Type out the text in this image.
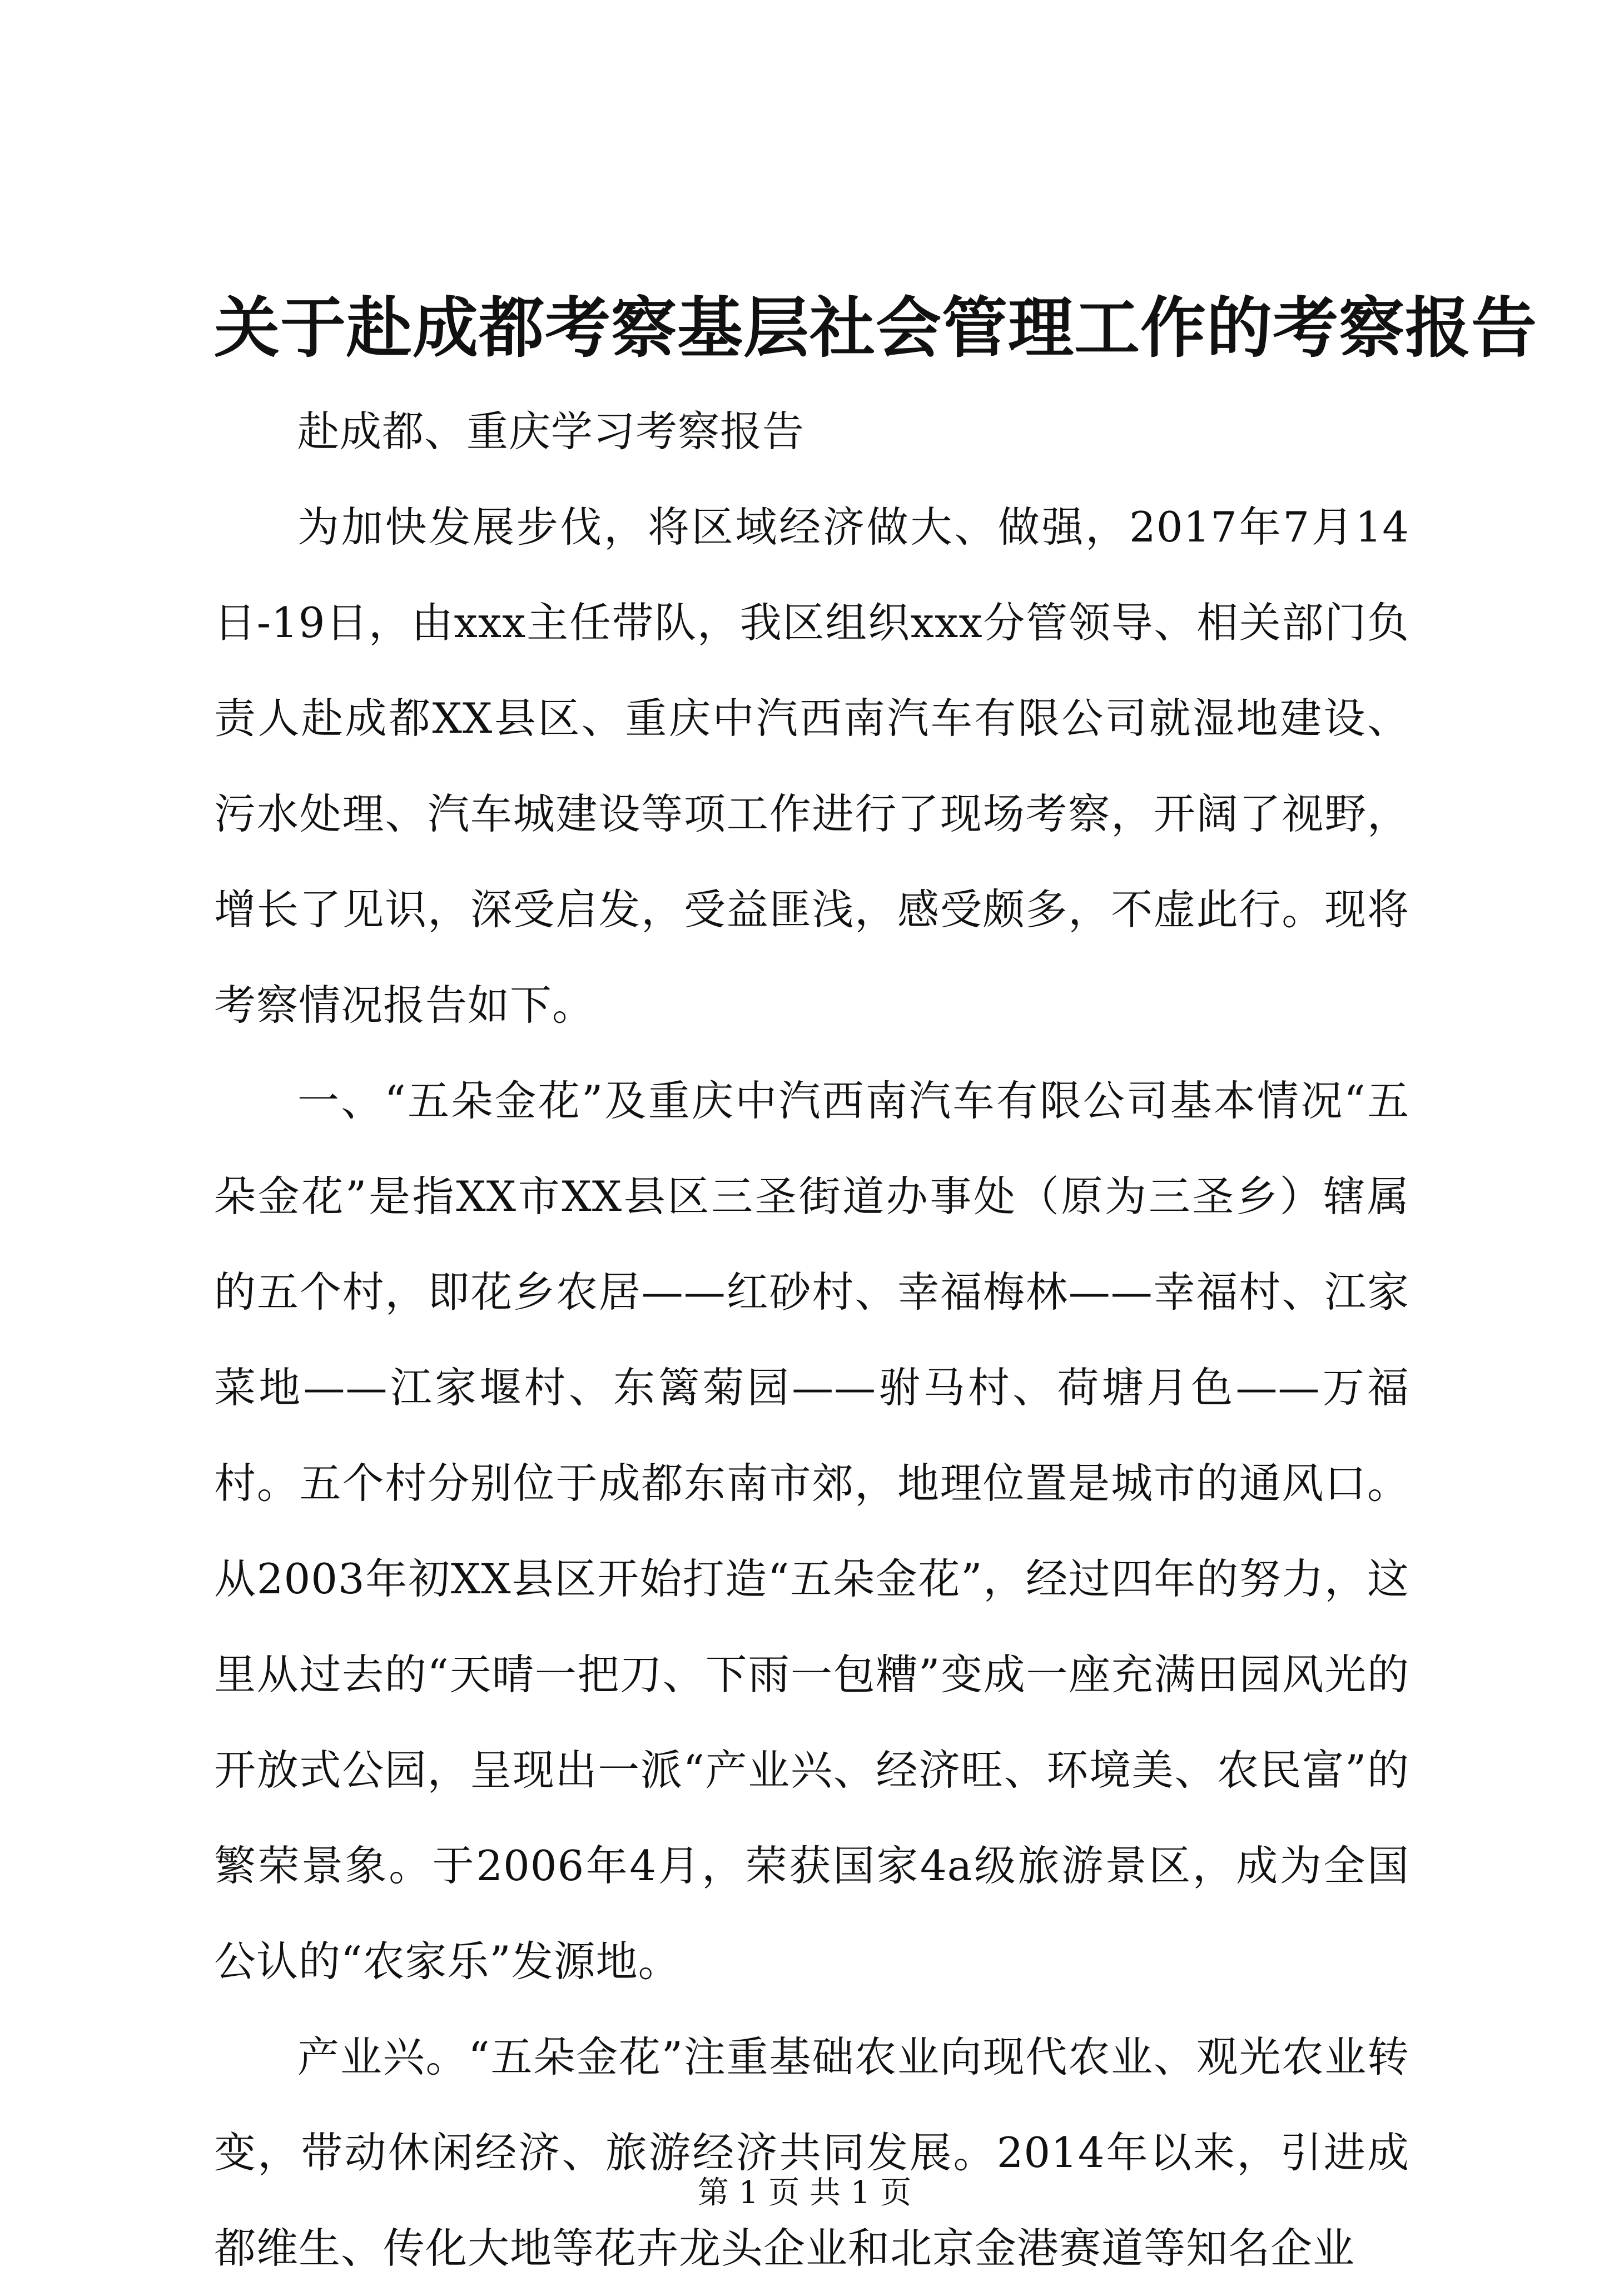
关于赴成都考察基层社会管理工作的考察报告

赴成都、重庆学习考察报告

为加快发展步伐，将区域经济做大、做强，2017年7月14日-19日，由xxx主任带队，我区组织xxx分管领导、相关部门负责人赴成都XX县区、重庆中汽西南汽车有限公司就湿地建设、污水处理、汽车城建设等项工作进行了现场考察，开阔了视野，增长了见识，深受启发，受益匪浅，感受颇多，不虚此行。现将考察情况报告如下。

一、“五朵金花”及重庆中汽西南汽车有限公司基本情况“五朵金花”是指XX市XX县区三圣街道办事处（原为三圣乡）辖属的五个村，即花乡农居——红砂村、幸福梅林——幸福村、江家菜地——江家堰村、东篱菊园——驸马村、荷塘月色——万福村。五个村分别位于成都东南市郊，地理位置是城市的通风口。从2003年初XX县区开始打造“五朵金花”，经过四年的努力，这里从过去的“天晴一把刀、下雨一包糟”变成一座充满田园风光的开放式公园，呈现出一派“产业兴、经济旺、环境美、农民富”的繁荣景象。于2006年4月，荣获国家4a级旅游景区，成为全国公认的“农家乐”发源地。

产业兴。“五朵金花”注重基础农业向现代农业、观光农业转变，带动休闲经济、旅游经济共同发展。2014年以来，引进成都维生、传化大地等花卉龙头企业和北京金港赛道等知名企业

第 1 页 共 1 页
